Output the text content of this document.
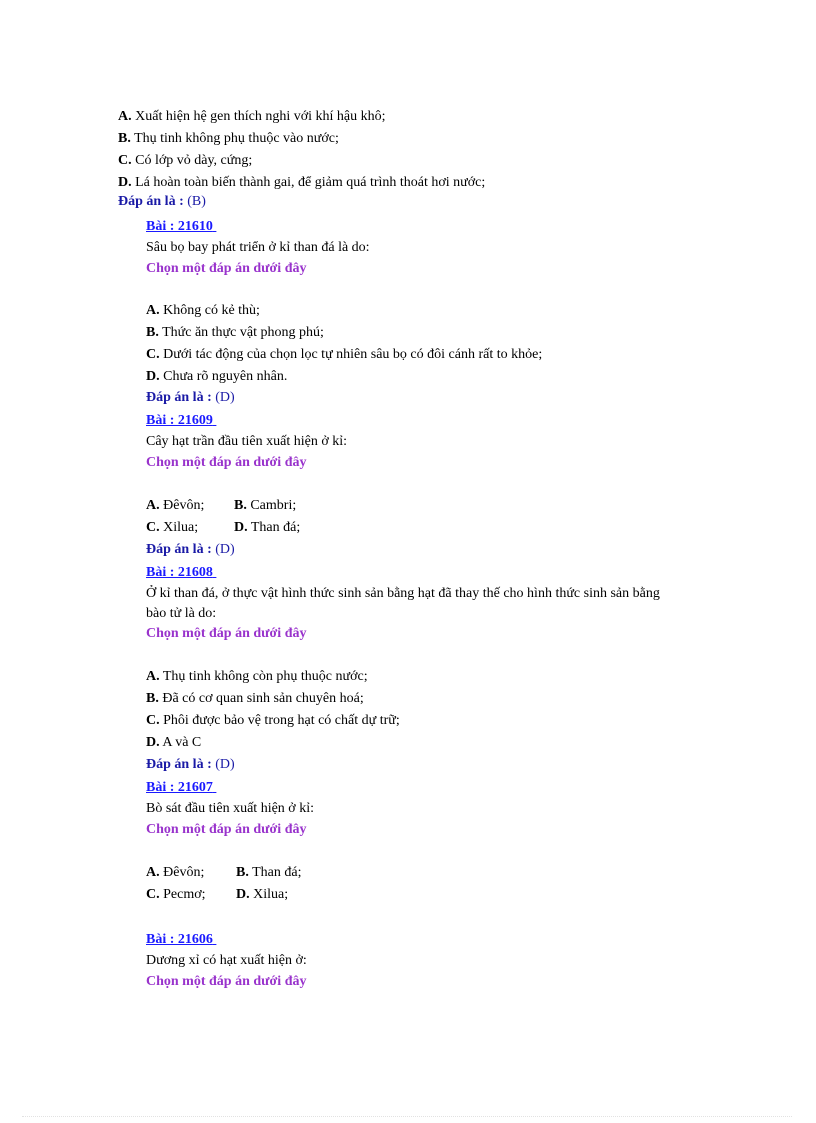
A. Xuất hiện hệ gen thích nghi với khí hậu khô;
B. Thụ tinh không phụ thuộc vào nước;
C. Có lớp vỏ dày, cứng;
D. Lá hoàn toàn biến thành gai, để giảm quá trình thoát hơi nước;
Đáp án là : (B)
Bài : 21610
Sâu bọ bay phát triển ở kỉ than đá là do:
Chọn một đáp án dưới đây
A. Không có kẻ thù;
B. Thức ăn thực vật phong phú;
C. Dưới tác động của chọn lọc tự nhiên sâu bọ có đôi cánh rất to khỏe;
D. Chưa rõ nguyên nhân.
Đáp án là : (D)
Bài : 21609
Cây hạt trần đầu tiên xuất hiện ở kỉ:
Chọn một đáp án dưới đây
A. Đêvôn; B. Cambri;
C. Xilua;	D. Than đá;
Đáp án là : (D)
Bài : 21608
Ở kỉ than đá, ở thực vật hình thức sinh sản bằng hạt đã thay thế cho hình thức sinh sản bằng
bào tử là do:
Chọn một đáp án dưới đây
A. Thụ tinh không còn phụ thuộc nước;
B. Đã có cơ quan sinh sản chuyên hoá;
C. Phôi được bảo vệ trong hạt có chất dự trữ;
D. A và C
Đáp án là : (D)
Bài : 21607
Bò sát đầu tiên xuất hiện ở kỉ:
Chọn một đáp án dưới đây
A. Đêvôn; B. Than đá;
C. Pecmơ; D. Xilua;
Bài : 21606
Dương xỉ có hạt xuất hiện ở:
Chọn một đáp án dưới đây
